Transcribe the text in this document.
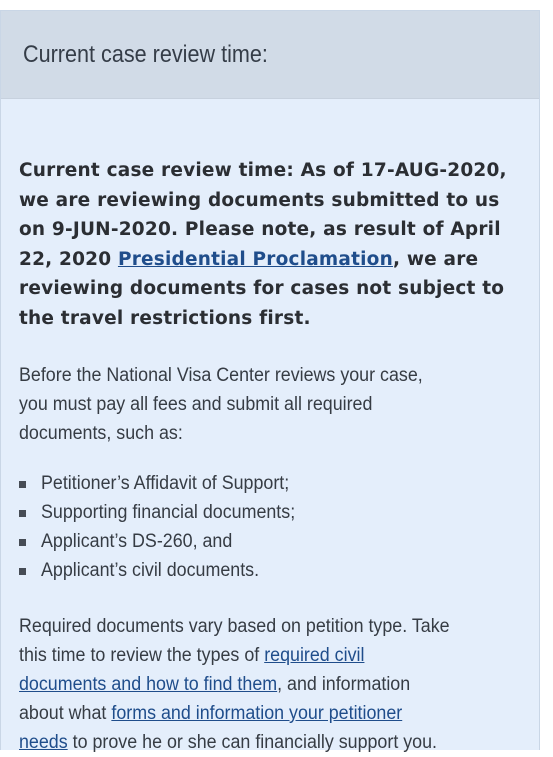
Current case review time:

Current case review time: As of 17-AUG-2020,
we are reviewing documents submitted to us
on 9-JUN-2020. Please note, as result of April
22, 2020 Presidential Proclamation, we are
reviewing documents for cases not subject to
the travel restrictions first.

Before the National Visa Center reviews your case,
you must pay all fees and submit all required
documents, such as:

Petitioner’s Affidavit of Support;
Supporting financial documents;
Applicant’s DS-260, and
Applicant’s civil documents.

Required documents vary based on petition type. Take
this time to review the types of required civil
documents and how to find them, and information
about what forms and information your petitioner
needs to prove he or she can financially support you.
